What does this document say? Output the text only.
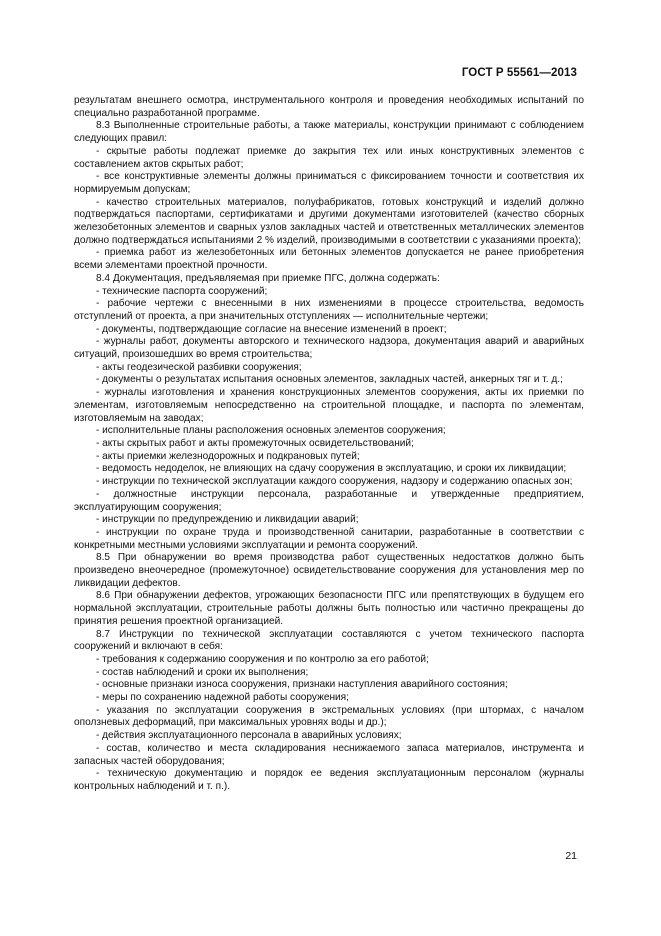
ГОСТ Р 55561—2013

результатам внешнего осмотра, инструментального контроля и проведения необходимых испытаний по специально разработанной программе.

8.3 Выполненные строительные работы, а также материалы, конструкции принимают с соблюдением следующих правил:

- скрытые работы подлежат приемке до закрытия тех или иных конструктивных элементов с составлением актов скрытых работ;

- все конструктивные элементы должны приниматься с фиксированием точности и соответствия их нормируемым допускам;

- качество строительных материалов, полуфабрикатов, готовых конструкций и изделий должно подтверждаться паспортами, сертификатами и другими документами изготовителей (качество сборных железобетонных элементов и сварных узлов закладных частей и ответственных металлических элементов должно подтверждаться испытаниями 2 % изделий, производимыми в соответствии с указаниями проекта);

- приемка работ из железобетонных или бетонных элементов допускается не ранее приобретения всеми элементами проектной прочности.

8.4 Документация, предъявляемая при приемке ПГС, должна содержать:

- технические паспорта сооружений;

- рабочие чертежи с внесенными в них изменениями в процессе строительства, ведомость отступлений от проекта, а при значительных отступлениях — исполнительные чертежи;

- документы, подтверждающие согласие на внесение изменений в проект;

- журналы работ, документы авторского и технического надзора, документация аварий и аварийных ситуаций, произошедших во время строительства;

- акты геодезической разбивки сооружения;

- документы о результатах испытания основных элементов, закладных частей, анкерных тяг и т. д.;

- журналы изготовления и хранения конструкционных элементов сооружения, акты их приемки по элементам, изготовляемым непосредственно на строительной площадке, и паспорта по элементам, изготовляемым на заводах;

- исполнительные планы расположения основных элементов сооружения;

- акты скрытых работ и акты промежуточных освидетельствований;

- акты приемки железнодорожных и подкрановых путей;

- ведомость недоделок, не влияющих на сдачу сооружения в эксплуатацию, и сроки их ликвидации;

- инструкции по технической эксплуатации каждого сооружения, надзору и содержанию опасных зон;

- должностные инструкции персонала, разработанные и утвержденные предприятием, эксплуатирующим сооружения;

- инструкции по предупреждению и ликвидации аварий;

- инструкции по охране труда и производственной санитарии, разработанные в соответствии с конкретными местными условиями эксплуатации и ремонта сооружений.

8.5 При обнаружении во время производства работ существенных недостатков должно быть произведено внеочередное (промежуточное) освидетельствование сооружения для установления мер по ликвидации дефектов.

8.6 При обнаружении дефектов, угрожающих безопасности ПГС или препятствующих в будущем его нормальной эксплуатации, строительные работы должны быть полностью или частично прекращены до принятия решения проектной организацией.

8.7 Инструкции по технической эксплуатации составляются с учетом технического паспорта сооружений и включают в себя:

- требования к содержанию сооружения и по контролю за его работой;

- состав наблюдений и сроки их выполнения;

- основные признаки износа сооружения, признаки наступления аварийного состояния;

- меры по сохранению надежной работы сооружения;

- указания по эксплуатации сооружения в экстремальных условиях (при штормах, с началом оползневых деформаций, при максимальных уровнях воды и др.);

- действия эксплуатационного персонала в аварийных условиях;

- состав, количество и места складирования неснижаемого запаса материалов, инструмента и запасных частей оборудования;

- техническую документацию и порядок ее ведения эксплуатационным персоналом (журналы контрольных наблюдений и т. п.).

21
